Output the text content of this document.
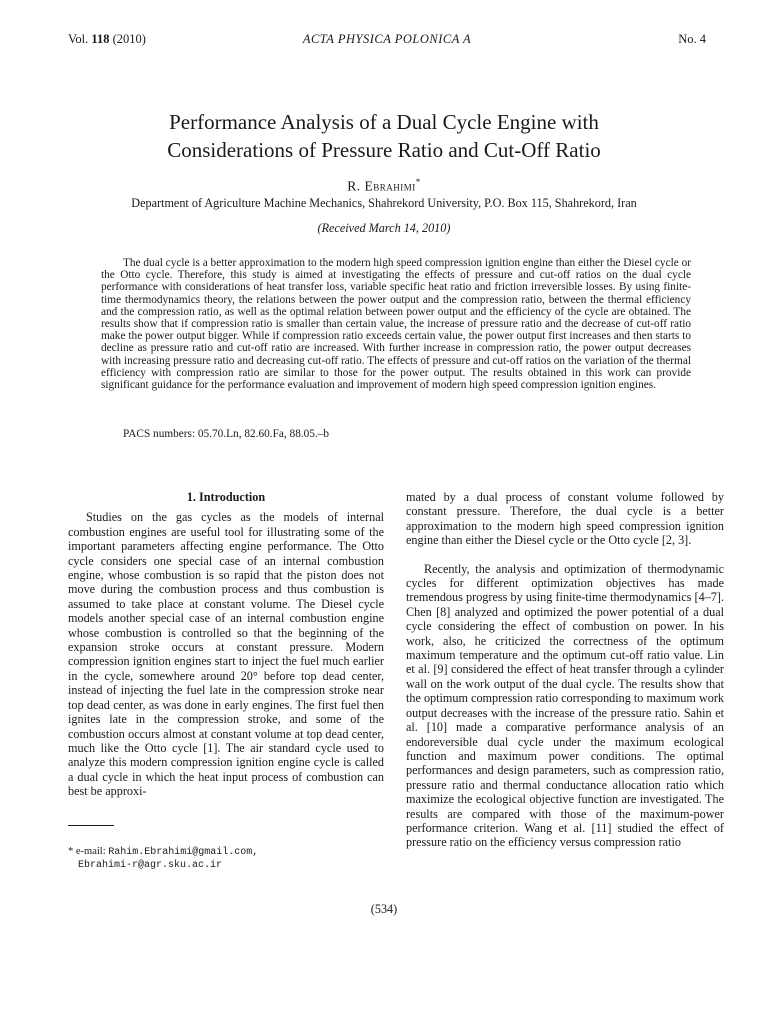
Vol. 118 (2010)	ACTA PHYSICA POLONICA A	No. 4
Performance Analysis of a Dual Cycle Engine with
Considerations of Pressure Ratio and Cut-Off Ratio
R. Ebrahimi*
Department of Agriculture Machine Mechanics, Shahrekord University, P.O. Box 115, Shahrekord, Iran
(Received March 14, 2010)

The dual cycle is a better approximation to the modern high speed compression ignition engine than either the Diesel cycle or the Otto cycle. Therefore, this study is aimed at investigating the effects of pressure and cut-off ratios on the dual cycle performance with considerations of heat transfer loss, variable specific heat ratio and friction irreversible losses. By using finite-time thermodynamics theory, the relations between the power output and the compression ratio, between the thermal efficiency and the compression ratio, as well as the optimal relation between power output and the efficiency of the cycle are obtained. The results show that if compression ratio is smaller than certain value, the increase of pressure ratio and the decrease of cut-off ratio make the power output bigger. While if compression ratio exceeds certain value, the power output first increases and then starts to decline as pressure ratio and cut-off ratio are increased. With further increase in compression ratio, the power output decreases with increasing pressure ratio and decreasing cut-off ratio. The effects of pressure and cut-off ratios on the variation of the thermal efficiency with compression ratio are similar to those for the power output. The results obtained in this work can provide significant guidance for the performance evaluation and improvement of modern high speed compression ignition engines.

PACS numbers: 05.70.Ln, 82.60.Fa, 88.05.–b
1. Introduction

Studies on the gas cycles as the models of internal combustion engines are useful tool for illustrating some of the important parameters affecting engine performance. The Otto cycle considers one special case of an internal combustion engine, whose combustion is so rapid that the piston does not move during the combustion process and thus combustion is assumed to take place at constant volume. The Diesel cycle models another special case of an internal combustion engine whose combustion is controlled so that the beginning of the expansion stroke occurs at constant pressure. Modern compression ignition engines start to inject the fuel much earlier in the cycle, somewhere around 20° before top dead center, instead of injecting the fuel late in the compression stroke near top dead center, as was done in early engines. The first fuel then ignites late in the compression stroke, and some of the combustion occurs almost at constant volume at top dead center, much like the Otto cycle [1]. The air standard cycle used to analyze this modern compression ignition engine cycle is called a dual cycle in which the heat input process of combustion can best be approxi-

mated by a dual process of constant volume followed by constant pressure. Therefore, the dual cycle is a better approximation to the modern high speed compression ignition engine than either the Diesel cycle or the Otto cycle [2, 3].

Recently, the analysis and optimization of thermodynamic cycles for different optimization objectives has made tremendous progress by using finite-time thermodynamics [4–7]. Chen [8] analyzed and optimized the power potential of a dual cycle considering the effect of combustion on power. In his work, also, he criticized the correctness of the optimum maximum temperature and the optimum cut-off ratio value. Lin et al. [9] considered the effect of heat transfer through a cylinder wall on the work output of the dual cycle. The results show that the optimum compression ratio corresponding to maximum work output decreases with the increase of the pressure ratio. Sahin et al. [10] made a comparative performance analysis of an endoreversible dual cycle under the maximum ecological function and maximum power conditions. The optimal performances and design parameters, such as compression ratio, pressure ratio and thermal conductance allocation ratio which maximize the ecological objective function are investigated. The results are compared with those of the maximum-power performance criterion. Wang et al. [11] studied the effect of pressure ratio on the efficiency versus compression ratio

* e-mail: Rahim.Ebrahimi@gmail.com,
Ebrahimi-r@agr.sku.ac.ir
(534)
